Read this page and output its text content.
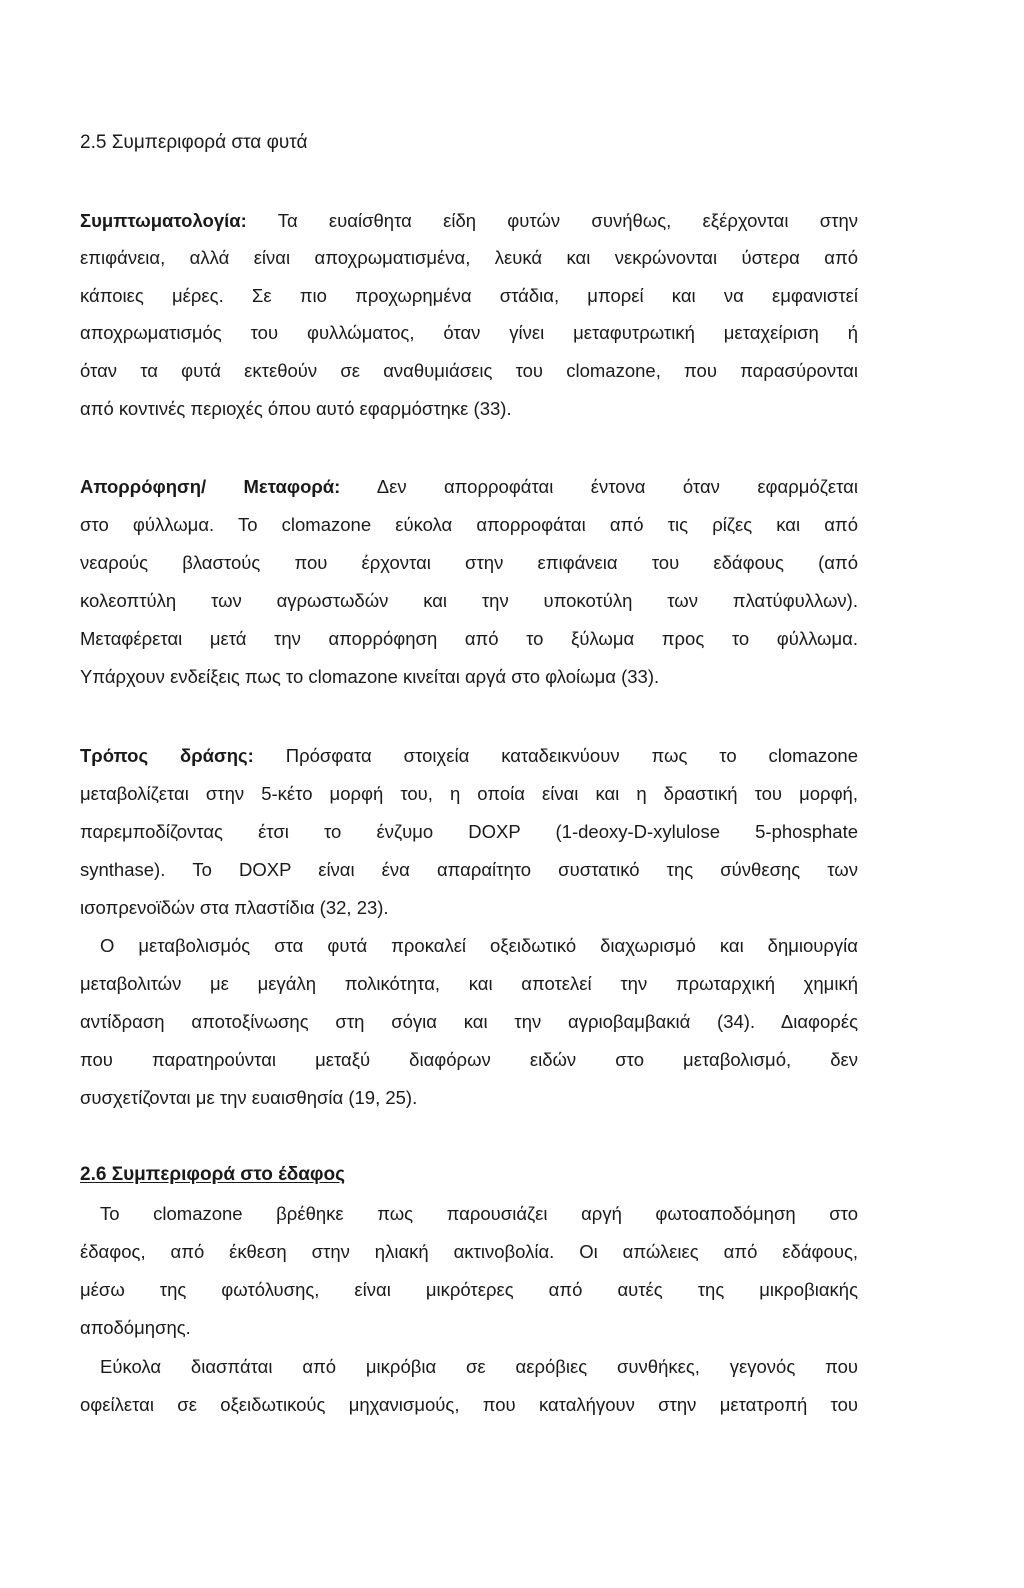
2.5 Συμπεριφορά στα φυτά
Συμπτωματολογία: Τα ευαίσθητα είδη φυτών συνήθως, εξέρχονται στην
επιφάνεια, αλλά είναι αποχρωματισμένα, λευκά και νεκρώνονται ύστερα από
κάποιες μέρες. Σε πιο προχωρημένα στάδια, μπορεί και να εμφανιστεί
αποχρωματισμός του φυλλώματος, όταν γίνει μεταφυτρωτική μεταχείριση ή
όταν τα φυτά εκτεθούν σε αναθυμιάσεις του clomazone, που παρασύρονται
από κοντινές περιοχές όπου αυτό εφαρμόστηκε (33).
Απορρόφηση/ Μεταφορά: Δεν απορροφάται έντονα όταν εφαρμόζεται
στο φύλλωμα. Το clomazone εύκολα απορροφάται από τις ρίζες και από
νεαρούς βλαστούς που έρχονται στην επιφάνεια του εδάφους (από
κολεοπτύλη των αγρωστωδών και την υποκοτύλη των πλατύφυλλων).
Μεταφέρεται μετά την απορρόφηση από το ξύλωμα προς το φύλλωμα.
Υπάρχουν ενδείξεις πως το clomazone κινείται αργά στο φλοίωμα (33).
Τρόπος δράσης: Πρόσφατα στοιχεία καταδεικνύουν πως το clomazone
μεταβολίζεται στην 5-κέτο μορφή του, η οποία είναι και η δραστική του μορφή,
παρεμποδίζοντας έτσι το ένζυμο DOXP (1-deoxy-D-xylulose 5-phosphate
synthase). Το DOXP είναι ένα απαραίτητο συστατικό της σύνθεσης των
ισοπρενοϊδών στα πλαστίδια (32, 23).
Ο μεταβολισμός στα φυτά προκαλεί οξειδωτικό διαχωρισμό και δημιουργία
μεταβολιτών με μεγάλη πολικότητα, και αποτελεί την πρωταρχική χημική
αντίδραση αποτοξίνωσης στη σόγια και την αγριοβαμβακιά (34). Διαφορές
που παρατηρούνται μεταξύ διαφόρων ειδών στο μεταβολισμό, δεν
συσχετίζονται με την ευαισθησία (19, 25).
2.6 Συμπεριφορά στο έδαφος
Το clomazone βρέθηκε πως παρουσιάζει αργή φωτοαποδόμηση στο
έδαφος, από έκθεση στην ηλιακή ακτινοβολία. Οι απώλειες από εδάφους,
μέσω της φωτόλυσης, είναι μικρότερες από αυτές της μικροβιακής
αποδόμησης.
Εύκολα διασπάται από μικρόβια σε αερόβιες συνθήκες, γεγονός που
οφείλεται σε οξειδωτικούς μηχανισμούς, που καταλήγουν στην μετατροπή του
